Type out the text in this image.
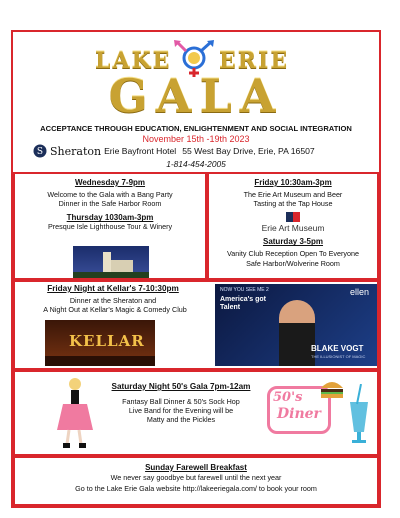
LAKE ERIE
GALA
ACCEPTANCE THROUGH EDUCATION, ENLIGHTENMENT AND SOCIAL INTEGRATION
November 15th -19th 2023
S Sheraton Erie Bayfront Hotel 55 West Bay Drive, Erie, PA 16507
1-814-454-2005
Wednesday 7-9pm
Welcome to the Gala with a Bang Party
Dinner in the Safe Harbor Room
Thursday 1030am-3pm
Presque Isle Lighthouse Tour & Winery
Friday 10:30am-3pm
The Erie Art Museum and Beer
Tasting at the Tap House
Erie Art Museum
Saturday 3-5pm
Vanity Club Reception Open To Everyone
Safe Harbor/Wolverine Room
Friday Night at Kellar's 7-10:30pm
Dinner at the Sheraton and
A Night Out at Kellar's Magic & Comedy Club
KELLAR
NOW YOU SEE ME 2
America's got Talent
ellen
BLAKE VOGT
THE ILLUSIONIST OF MAGIC
Saturday Night 50's Gala 7pm-12am
Fantasy Ball Dinner & 50's Sock Hop
Live Band for the Evening will be
Matty and the Pickles
50's
Diner
Sunday Farewell Breakfast
We never say goodbye but farewell until the next year
Go to the Lake Erie Gala website http://lakeeriegala.com/ to book your room
